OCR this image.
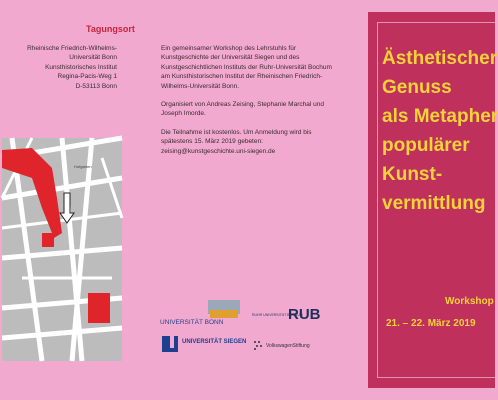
Tagungsort
Rheinische Friedrich-Wilhelms-
Universität Bonn
Kunsthistorisches Institut
Regina-Pacis-Weg 1
D-53113 Bonn
Hofgarten

Ein gemeinsamer Workshop des Lehrstuhls für Kunstgeschichte der Universität Siegen und des Kunstgeschichtlichen Instituts der Ruhr-Universität Bochum am Kunsthistorischen Institut der Rheinischen Friedrich-Wilhelms-Universität Bonn.

Organisiert von Andreas Zeising, Stephanie Marchal und Joseph Imorde.

Die Teilnahme ist kostenlos. Um Anmeldung wird bis spätestens 15. März 2019 gebeten: zeising@kunstgeschichte.uni-siegen.de

UNIVERSITÄT BONN
RUHR UNIVERSITÄT BOCHUM
RUB
UNIVERSITÄT SIEGEN
VolkswagenStiftung
Ästhetischer
Genuss
als Metapher
populärer
Kunst-
vermittlung
Workshop
21. – 22. März 2019
